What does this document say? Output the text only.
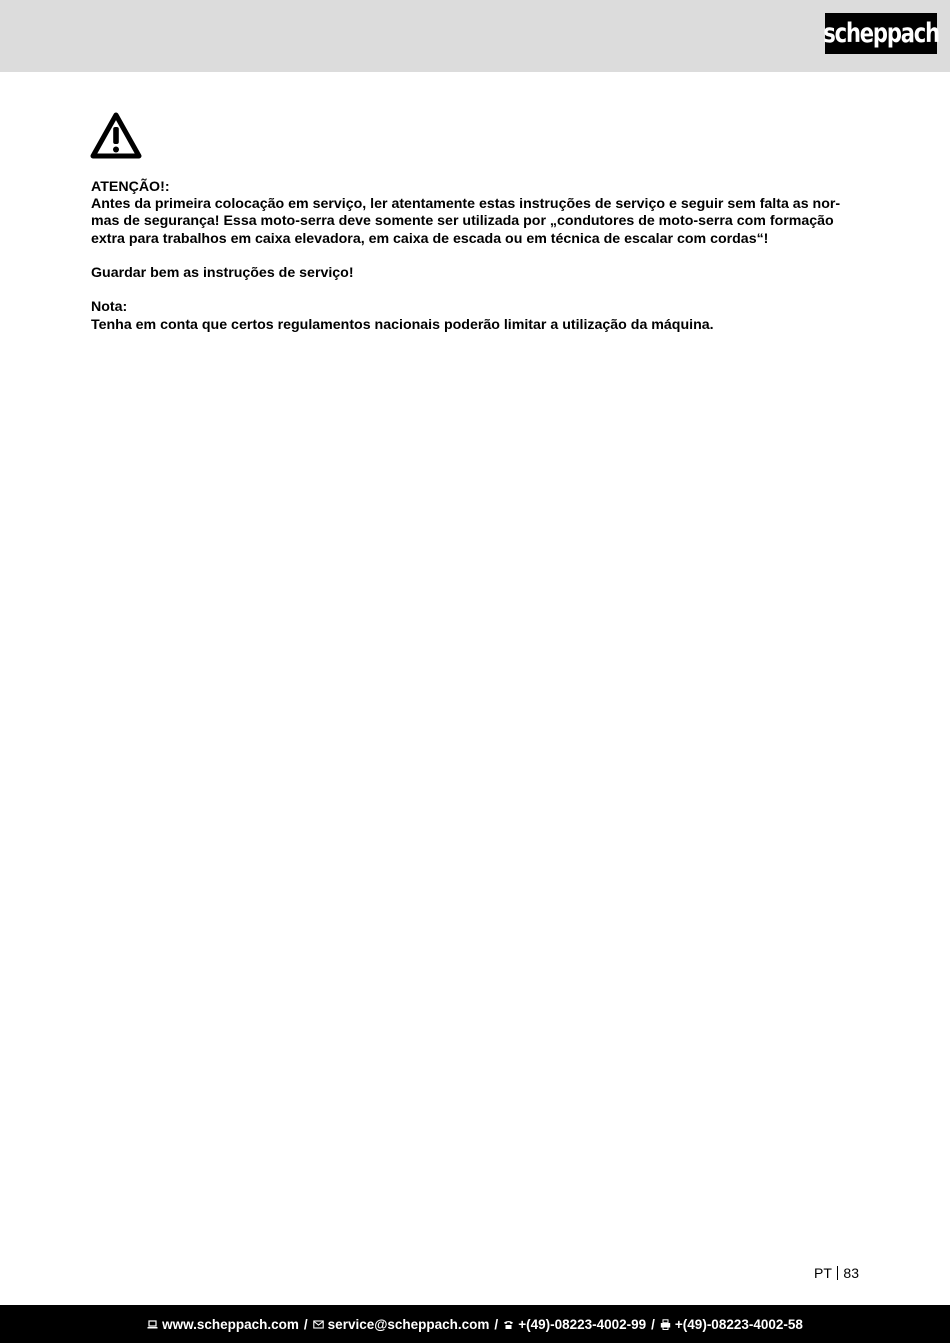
scheppach

ATENÇÃO!:

Antes da primeira colocação em serviço, ler atentamente estas instruções de serviço e seguir sem falta as nor-

mas de segurança! Essa moto-serra deve somente ser utilizada por „condutores de moto-serra com formação

extra para trabalhos em caixa elevadora, em caixa de escada ou em técnica de escalar com cordas“!

Guardar bem as instruções de serviço!

Nota:

Tenha em conta que certos regulamentos nacionais poderão limitar a utilização da máquina.

PT 83
www.scheppach.com / service@scheppach.com / +(49)-08223-4002-99 / +(49)-08223-4002-58
